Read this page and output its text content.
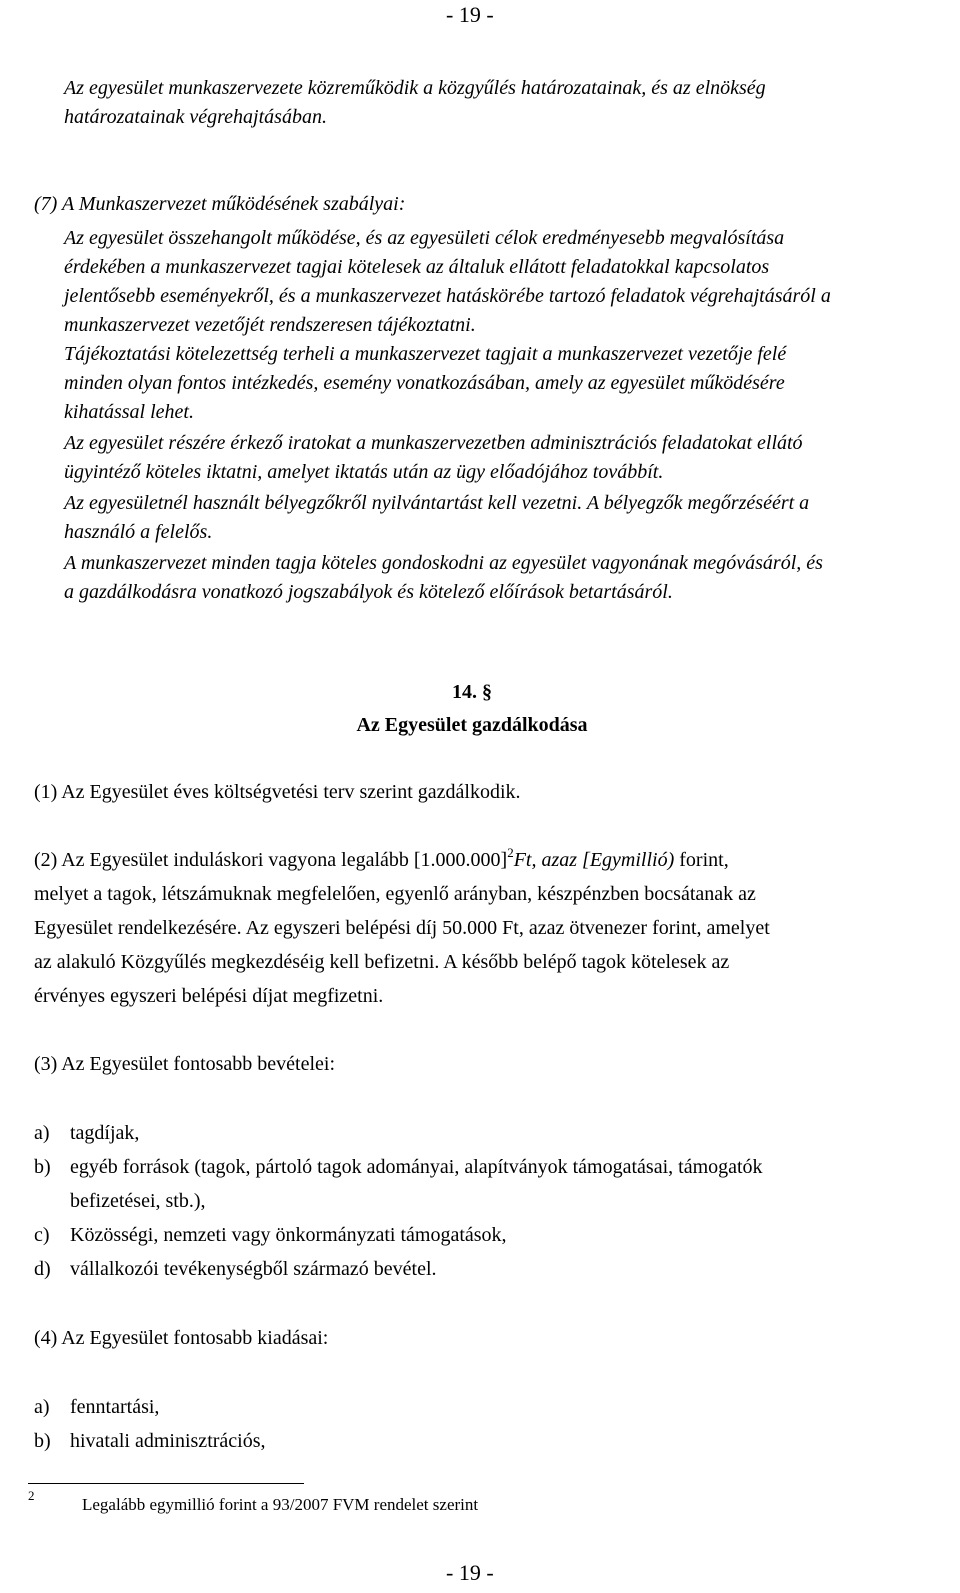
- 19 -
Az egyesület munkaszervezete közreműködik a közgyűlés határozatainak, és az elnökség
határozatainak végrehajtásában.
(7) A Munkaszervezet működésének szabályai:
Az egyesület összehangolt működése, és az egyesületi célok eredményesebb megvalósítása
érdekében a munkaszervezet tagjai kötelesek az általuk ellátott feladatokkal kapcsolatos
jelentősebb eseményekről, és a munkaszervezet hatáskörébe tartozó feladatok végrehajtásáról a
munkaszervezet vezetőjét rendszeresen tájékoztatni.
Tájékoztatási kötelezettség terheli a munkaszervezet tagjait a munkaszervezet vezetője felé
minden olyan fontos intézkedés, esemény vonatkozásában, amely az egyesület működésére
kihatással lehet.
Az egyesület részére érkező iratokat a munkaszervezetben adminisztrációs feladatokat ellátó
ügyintéző köteles iktatni, amelyet iktatás után az ügy előadójához továbbít.
Az egyesületnél használt bélyegzőkről nyilvántartást kell vezetni. A bélyegzők megőrzéséért a
használó a felelős.
A munkaszervezet minden tagja köteles gondoskodni az egyesület vagyonának megóvásáról, és
a gazdálkodásra vonatkozó jogszabályok és kötelező előírások betartásáról.
14. §
Az Egyesület gazdálkodása
(1) Az Egyesület éves költségvetési terv szerint gazdálkodik.
(2) Az Egyesület induláskori vagyona legalább $[1.000.000]^2Ft$, azaz [Egymillió) forint,
melyet a tagok, létszámuknak megfelelően, egyenlő arányban, készpénzben bocsátanak az
Egyesület rendelkezésére. Az egyszeri belépési díj 50.000 Ft, azaz ötvenezer forint, amelyet
az alakuló Közgyűlés megkezdéséig kell befizetni. A később belépő tagok kötelesek az
érvényes egyszeri belépési díjat megfizetni.
(3) Az Egyesület fontosabb bevételei:
a) tagdíjak,
b) egyéb források (tagok, pártoló tagok adományai, alapítványok támogatásai, támogatók
befizetései, stb.),
c) Közösségi, nemzeti vagy önkormányzati támogatások,
d) vállalkozói tevékenységből származó bevétel.
(4) Az Egyesület fontosabb kiadásai:
a) fenntartási,
b) hivatali adminisztrációs,
2	Legalább egymillió forint a 93/2007 FVM rendelet szerint
- 19 -
